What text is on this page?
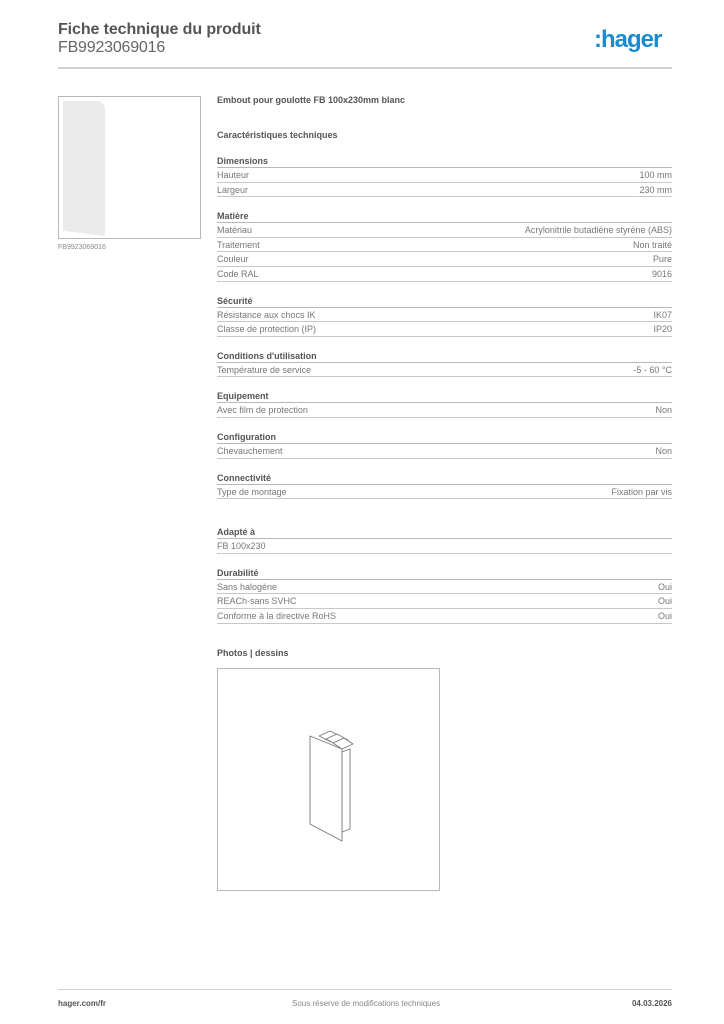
Fiche technique du produit
FB9923069016	:hager
FB9923069016
Embout pour goulotte FB 100x230mm blanc
Caractéristiques techniques
Dimensions
Hauteur	100 mm
Largeur	230 mm
Matière
Matériau	Acrylonitrile butadiène styrène (ABS)
Traitement	Non traité
Couleur	Pure
Code RAL	9016
Sécurité
Résistance aux chocs IK	IK07
Classe de protection (IP)	IP20
Conditions d'utilisation
Température de service	-5 - 60 °C
Equipement
Avec film de protection	Non
Configuration
Chevauchement	Non
Connectivité
Type de montage	Fixation par vis
Adapté à
FB 100x230
Durabilité
Sans halogène	Oui
REACh-sans SVHC	Oui
Conforme à la directive RoHS	Oui
Photos | dessins
hager.com/fr	Sous réserve de modifications techniques	04.03.2026
